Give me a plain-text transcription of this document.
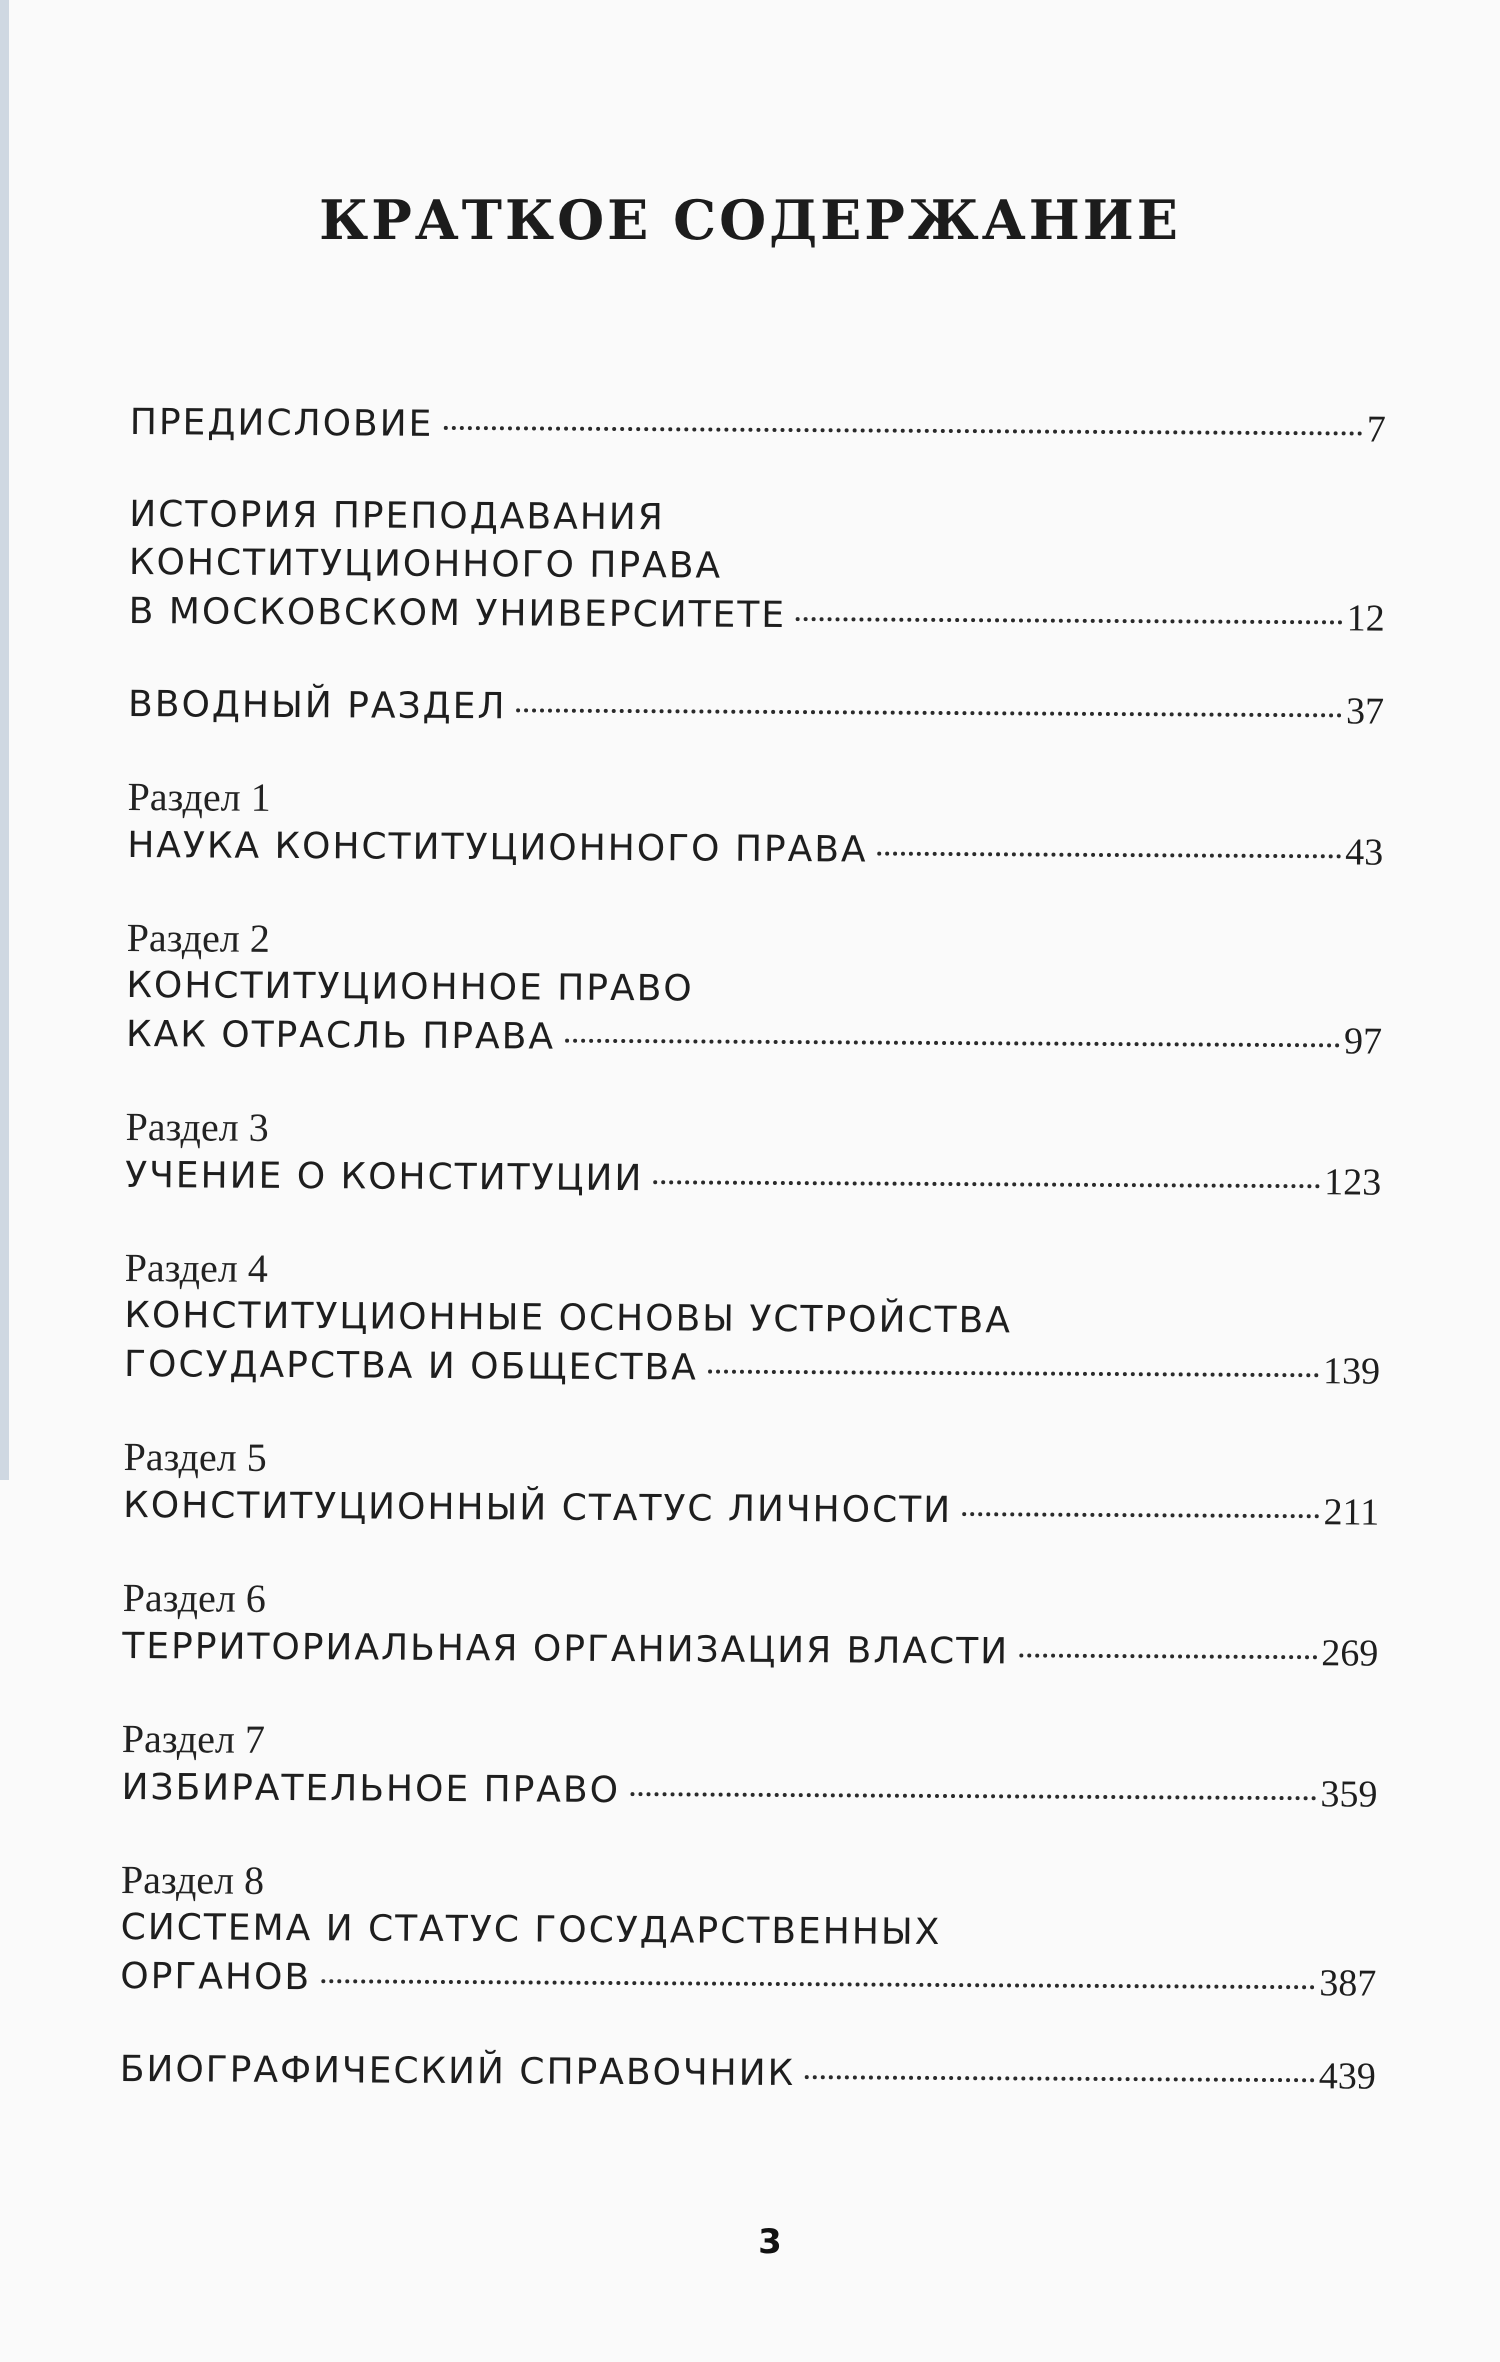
КРАТКОЕ СОДЕРЖАНИЕ
ПРЕДИСЛОВИЕ	7
ИСТОРИЯ ПРЕПОДАВАНИЯ
КОНСТИТУЦИОННОГО ПРАВА
В МОСКОВСКОМ УНИВЕРСИТЕТЕ	12
ВВОДНЫЙ РАЗДЕЛ	37
Раздел 1
НАУКА КОНСТИТУЦИОННОГО ПРАВА	43
Раздел 2
КОНСТИТУЦИОННОЕ ПРАВО
КАК ОТРАСЛЬ ПРАВА	97
Раздел 3
УЧЕНИЕ О КОНСТИТУЦИИ	123
Раздел 4
КОНСТИТУЦИОННЫЕ ОСНОВЫ УСТРОЙСТВА
ГОСУДАРСТВА И ОБЩЕСТВА	139
Раздел 5
КОНСТИТУЦИОННЫЙ СТАТУС ЛИЧНОСТИ	211
Раздел 6
ТЕРРИТОРИАЛЬНАЯ ОРГАНИЗАЦИЯ ВЛАСТИ	269
Раздел 7
ИЗБИРАТЕЛЬНОЕ ПРАВО	359
Раздел 8
СИСТЕМА И СТАТУС ГОСУДАРСТВЕННЫХ
ОРГАНОВ	387
БИОГРАФИЧЕСКИЙ СПРАВОЧНИК	439
3
